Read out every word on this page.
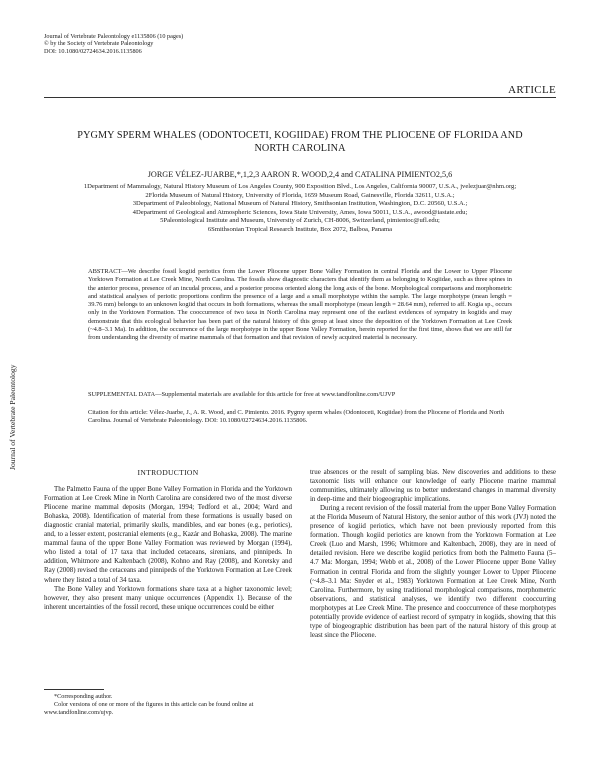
Journal of Vertebrate Paleontology e1135806 (10 pages)
© by the Society of Vertebrate Paleontology
DOI: 10.1080/02724634.2016.1135806
ARTICLE
Journal of Vertebrate Paleontology
PYGMY SPERM WHALES (ODONTOCETI, KOGIIDAE) FROM THE PLIOCENE OF FLORIDA AND NORTH CAROLINA
JORGE VÉLEZ-JUARBE,*,1,2,3 AARON R. WOOD,2,4 and CATALINA PIMIENTO2,5,6
1Department of Mammalogy, Natural History Museum of Los Angeles County, 900 Exposition Blvd., Los Angeles, California 90007, U.S.A., jvelezjuar@nhm.org;
2Florida Museum of Natural History, University of Florida, 1659 Museum Road, Gainesville, Florida 32611, U.S.A.;
3Department of Paleobiology, National Museum of Natural History, Smithsonian Institution, Washington, D.C. 20560, U.S.A.;
4Department of Geological and Atmospheric Sciences, Iowa State University, Ames, Iowa 50011, U.S.A., awood@iastate.edu;
5Paleontological Institute and Museum, University of Zurich, CH-8006, Switzerland, pimientoc@ufl.edu;
6Smithsonian Tropical Research Institute, Box 2072, Balboa, Panama
ABSTRACT—We describe fossil kogiid periotics from the Lower Pliocene upper Bone Valley Formation in central Florida and the Lower to Upper Pliocene Yorktown Formation at Lee Creek Mine, North Carolina. The fossils show diagnostic characters that identify them as belonging to Kogiidae, such as three spines in the anterior process, presence of an incudal process, and a posterior process oriented along the long axis of the bone. Morphological comparisons and morphometric and statistical analyses of periotic proportions confirm the presence of a large and a small morphotype within the sample. The large morphotype (mean length = 39.76 mm) belongs to an unknown kogiid that occurs in both formations, whereas the small morphotype (mean length = 28.64 mm), referred to aff. Kogia sp., occurs only in the Yorktown Formation. The cooccurrence of two taxa in North Carolina may represent one of the earliest evidences of sympatry in kogiids and may demonstrate that this ecological behavior has been part of the natural history of this group at least since the deposition of the Yorktown Formation at Lee Creek (~4.8–3.1 Ma). In addition, the occurrence of the large morphotype in the upper Bone Valley Formation, herein reported for the first time, shows that we are still far from understanding the diversity of marine mammals of that formation and that revision of newly acquired material is necessary.
SUPPLEMENTAL DATA—Supplemental materials are available for this article for free at www.tandfonline.com/UJVP
Citation for this article: Vélez-Juarbe, J., A. R. Wood, and C. Pimiento. 2016. Pygmy sperm whales (Odontoceti, Kogiidae) from the Pliocene of Florida and North Carolina. Journal of Vertebrate Paleontology. DOI: 10.1080/02724634.2016.1135806.
INTRODUCTION

The Palmetto Fauna of the upper Bone Valley Formation in Florida and the Yorktown Formation at Lee Creek Mine in North Carolina are considered two of the most diverse Pliocene marine mammal deposits (Morgan, 1994; Tedford et al., 2004; Ward and Bohaska, 2008). Identification of material from these formations is usually based on diagnostic cranial material, primarily skulls, mandibles, and ear bones (e.g., periotics), and, to a lesser extent, postcranial elements (e.g., Kazár and Bohaska, 2008). The marine mammal fauna of the upper Bone Valley Formation was reviewed by Morgan (1994), who listed a total of 17 taxa that included cetaceans, sirenians, and pinnipeds. In addition, Whitmore and Kaltenbach (2008), Kohno and Ray (2008), and Koretsky and Ray (2008) revised the cetaceans and pinnipeds of the Yorktown Formation at Lee Creek where they listed a total of 34 taxa.

The Bone Valley and Yorktown formations share taxa at a higher taxonomic level; however, they also present many unique occurrences (Appendix 1). Because of the inherent uncertainties of the fossil record, these unique occurrences could be either

true absences or the result of sampling bias. New discoveries and additions to these taxonomic lists will enhance our knowledge of early Pliocene marine mammal communities, ultimately allowing us to better understand changes in mammal diversity in deep-time and their biogeographic implications.

During a recent revision of the fossil material from the upper Bone Valley Formation at the Florida Museum of Natural History, the senior author of this work (JVJ) noted the presence of kogiid periotics, which have not been previously reported from this formation. Though kogiid periotics are known from the Yorktown Formation at Lee Creek (Luo and Marsh, 1996; Whitmore and Kaltenbach, 2008), they are in need of detailed revision. Here we describe kogiid periotics from both the Palmetto Fauna (5–4.7 Ma: Morgan, 1994; Webb et al., 2008) of the Lower Pliocene upper Bone Valley Formation in central Florida and from the slightly younger Lower to Upper Pliocene (~4.8–3.1 Ma: Snyder et al., 1983) Yorktown Formation at Lee Creek Mine, North Carolina. Furthermore, by using traditional morphological comparisons, morphometric observations, and statistical analyses, we identify two different cooccurring morphotypes at Lee Creek Mine. The presence and cooccurrence of these morphotypes potentially provide evidence of earliest record of sympatry in kogiids, showing that this type of biogeographic distribution has been part of the natural history of this group at least since the Pliocene.

*Corresponding author.
Color versions of one or more of the figures in this article can be found online at www.tandfonline.com/ujvp.
